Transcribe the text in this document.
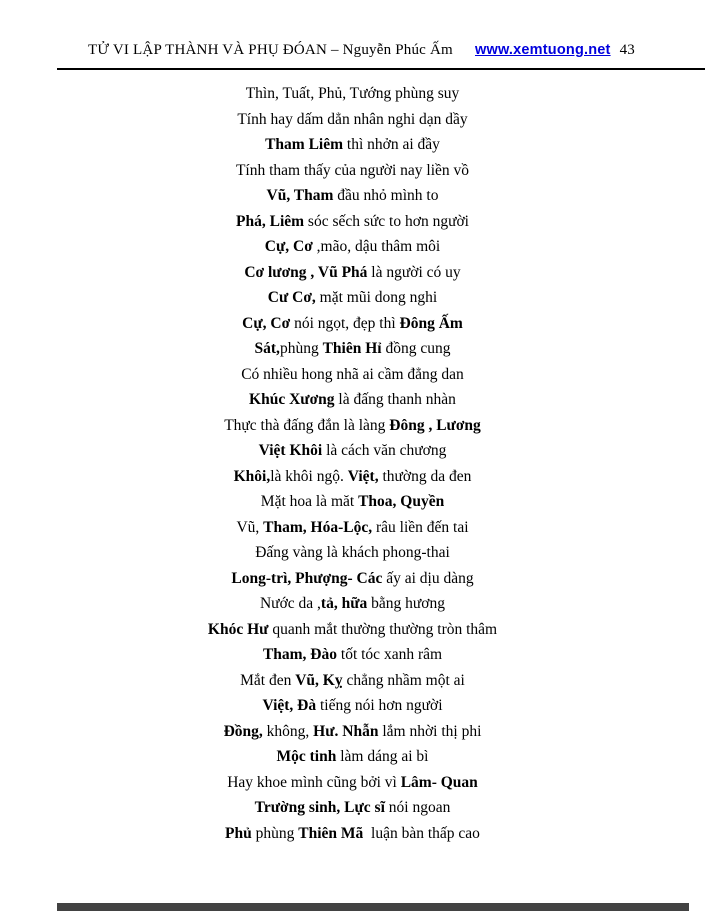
TỬ VI LẬP THÀNH VÀ PHỤ ĐÓAN – Nguyễn Phúc Ấm www.xemtuong.net 43
Thìn, Tuất, Phủ, Tướng phùng suy
Tính hay dấm dẳn nhân nghi dạn dầy
Tham Liêm thì nhởn ai đầy
Tính tham thấy của người nay liền vồ
Vũ, Tham đầu nhỏ mình to
Phá, Liêm sóc sếch sức to hơn người
Cự, Cơ ,mão, dậu thâm môi
Cơ lương , Vũ Phá là người có uy
Cư Cơ, mặt mũi dong nghi
Cự, Cơ nói ngọt, đẹp thì Đông Ấm
Sát,phùng Thiên Hỉ đồng cung
Có nhiều hong nhã ai cầm đẳng dan
Khúc Xương là đấng thanh nhàn
Thực thà đấng đắn là làng Đông , Lương
Việt Khôi là cách văn chương
Khôi,là khôi ngộ. Việt, thường da đen
Mặt hoa là măt Thoa, Quyền
Vũ, Tham, Hóa-Lộc, râu liền đến tai
Đấng vàng là khách phong-thai
Long-trì, Phượng- Các ấy ai dịu dàng
Nước da ,tả, hữa bằng hương
Khóc Hư quanh mắt thường thường tròn thâm
Tham, Đào tốt tóc xanh râm
Mắt đen Vũ, Kỵ chẳng nhầm một ai
Việt, Đà tiếng nói hơn người
Đồng, không, Hư. Nhẫn lắm nhời thị phi
Mộc tinh làm dáng ai bì
Hay khoe mình cũng bởi vì Lâm- Quan
Trường sinh, Lực sĩ nói ngoan
Phủ phùng Thiên Mã  luận bàn thấp cao
